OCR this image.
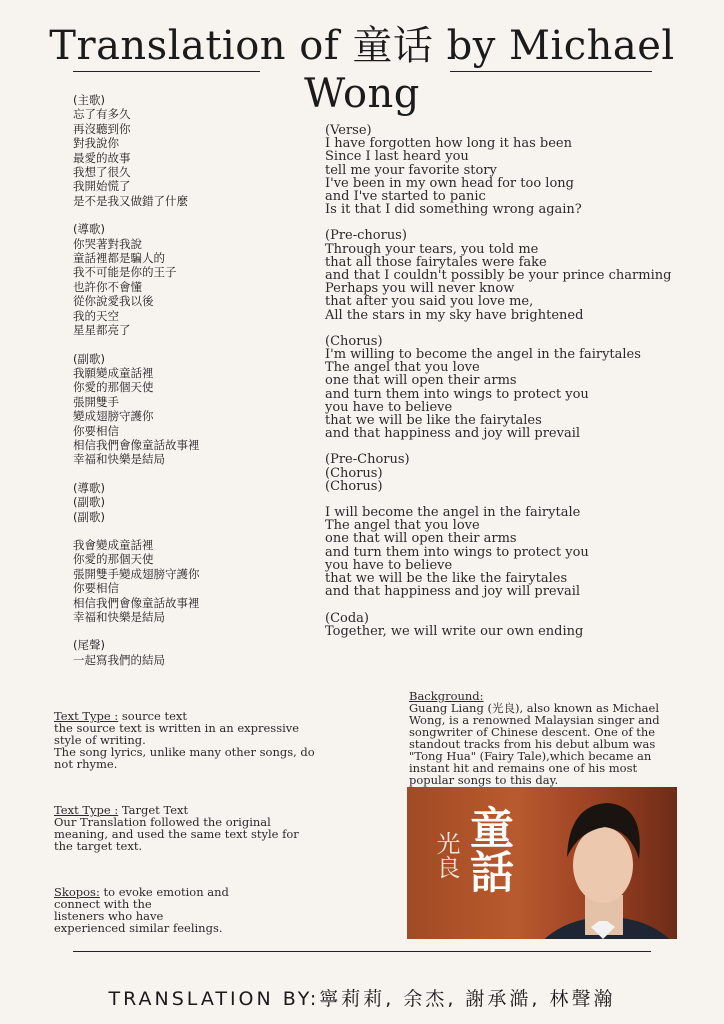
Translation of 童话 by Michael Wong
(主歌)
忘了有多久
再沒聽到你
對我說你
最愛的故事
我想了很久
我開始慌了
是不是我又做錯了什麼
(導歌)
你哭著對我說
童話裡都是騙人的
我不可能是你的王子
也許你不會懂
從你說愛我以後
我的天空
星星都亮了
(副歌)
我願變成童話裡
你愛的那個天使
張開雙手
變成翅膀守護你
你要相信
相信我們會像童話故事裡
幸福和快樂是結局
(導歌)
(副歌)
(副歌)
我會變成童話裡
你愛的那個天使
張開雙手變成翅膀守護你
你要相信
相信我們會像童話故事裡
幸福和快樂是結局
(尾聲)
一起寫我們的結局
(Verse)
I have forgotten how long it has been
Since I last heard you
tell me your favorite story
I've been in my own head for too long
and I've started to panic
Is it that I did something wrong again?
(Pre-chorus)
Through your tears, you told me
that all those fairytales were fake
and that I couldn't possibly be your prince charming
Perhaps you will never know
that after you said you love me,
All the stars in my sky have brightened
(Chorus)
I'm willing to become the angel in the fairytales
The angel that you love
one that will open their arms
and turn them into wings to protect you
you have to believe
that we will be like the fairytales
and that happiness and joy will prevail
(Pre-Chorus)
(Chorus)
(Chorus)
I will become the angel in the fairytale
The angel that you love
one that will open their arms
and turn them into wings to protect you
you have to believe
that we will be the like the fairytales
and that happiness and joy will prevail
(Coda)
Together, we will write our own ending
Text Type : source text
the source text is written in an expressive
style of writing.
The song lyrics, unlike many other songs, do
not rhyme.
Text Type : Target Text
Our Translation followed the original
meaning, and used the same text style for
the target text.
Skopos: to evoke emotion and
connect with the
listeners who have
experienced similar feelings.
Background:
Guang Liang (光良), also known as Michael
Wong, is a renowned Malaysian singer and
songwriter of Chinese descent. One of the
standout tracks from his debut album was
"Tong Hua" (Fairy Tale),which became an
instant hit and remains one of his most
popular songs to this day.
童話
光良
TRANSLATION BY:寧莉莉, 余杰, 謝承澔, 林聲瀚
